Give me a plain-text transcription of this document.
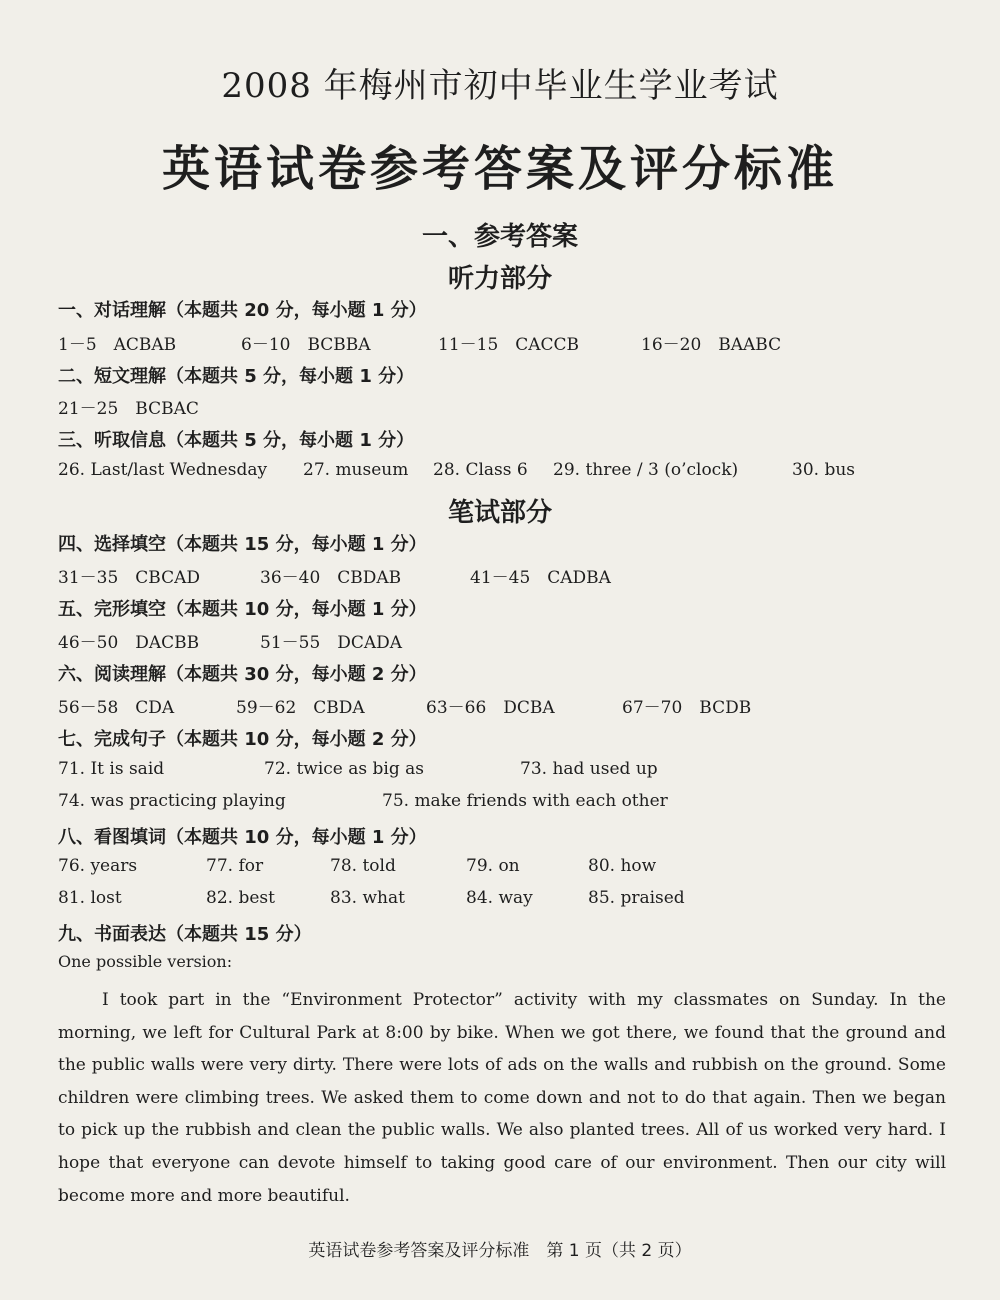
2008 年梅州市初中毕业生学业考试
英语试卷参考答案及评分标准
一、参考答案
听力部分
一、对话理解（本题共 20 分，每小题 1 分）
1－5　ACBAB	6－10　BCBBA	11－15　CACCB	16－20　BAABC
二、短文理解（本题共 5 分，每小题 1 分）
21－25　BCBAC
三、听取信息（本题共 5 分，每小题 1 分）
26. Last/last Wednesday 27. museum 28. Class 6 29. three / 3 (o’clock)	30. bus
笔试部分
四、选择填空（本题共 15 分，每小题 1 分）
31－35　CBCAD	36－40　CBDAB	41－45　CADBA
五、完形填空（本题共 10 分，每小题 1 分）
46－50　DACBB	51－55　DCADA
六、阅读理解（本题共 30 分，每小题 2 分）
56－58　CDA	59－62　CBDA	63－66　DCBA	67－70　BCDB
七、完成句子（本题共 10 分，每小题 2 分）
71. It is said	72. twice as big as	73. had used up
74. was practicing playing	75. make friends with each other
八、看图填词（本题共 10 分，每小题 1 分）
76. years	77. for	78. told	79. on	80. how
81. lost	82. best	83. what	84. way	85. praised
九、书面表达（本题共 15 分）
One possible version:

I took part in the “Environment Protector” activity with my classmates on Sunday. In the morning, we left for Cultural Park at 8:00 by bike. When we got there, we found that the ground and the public walls were very dirty. There were lots of ads on the walls and rubbish on the ground. Some children were climbing trees. We asked them to come down and not to do that again. Then we began to pick up the rubbish and clean the public walls. We also planted trees. All of us worked very hard. I hope that everyone can devote himself to taking good care of our environment. Then our city will become more and more beautiful.

英语试卷参考答案及评分标准　第 1 页（共 2 页）
